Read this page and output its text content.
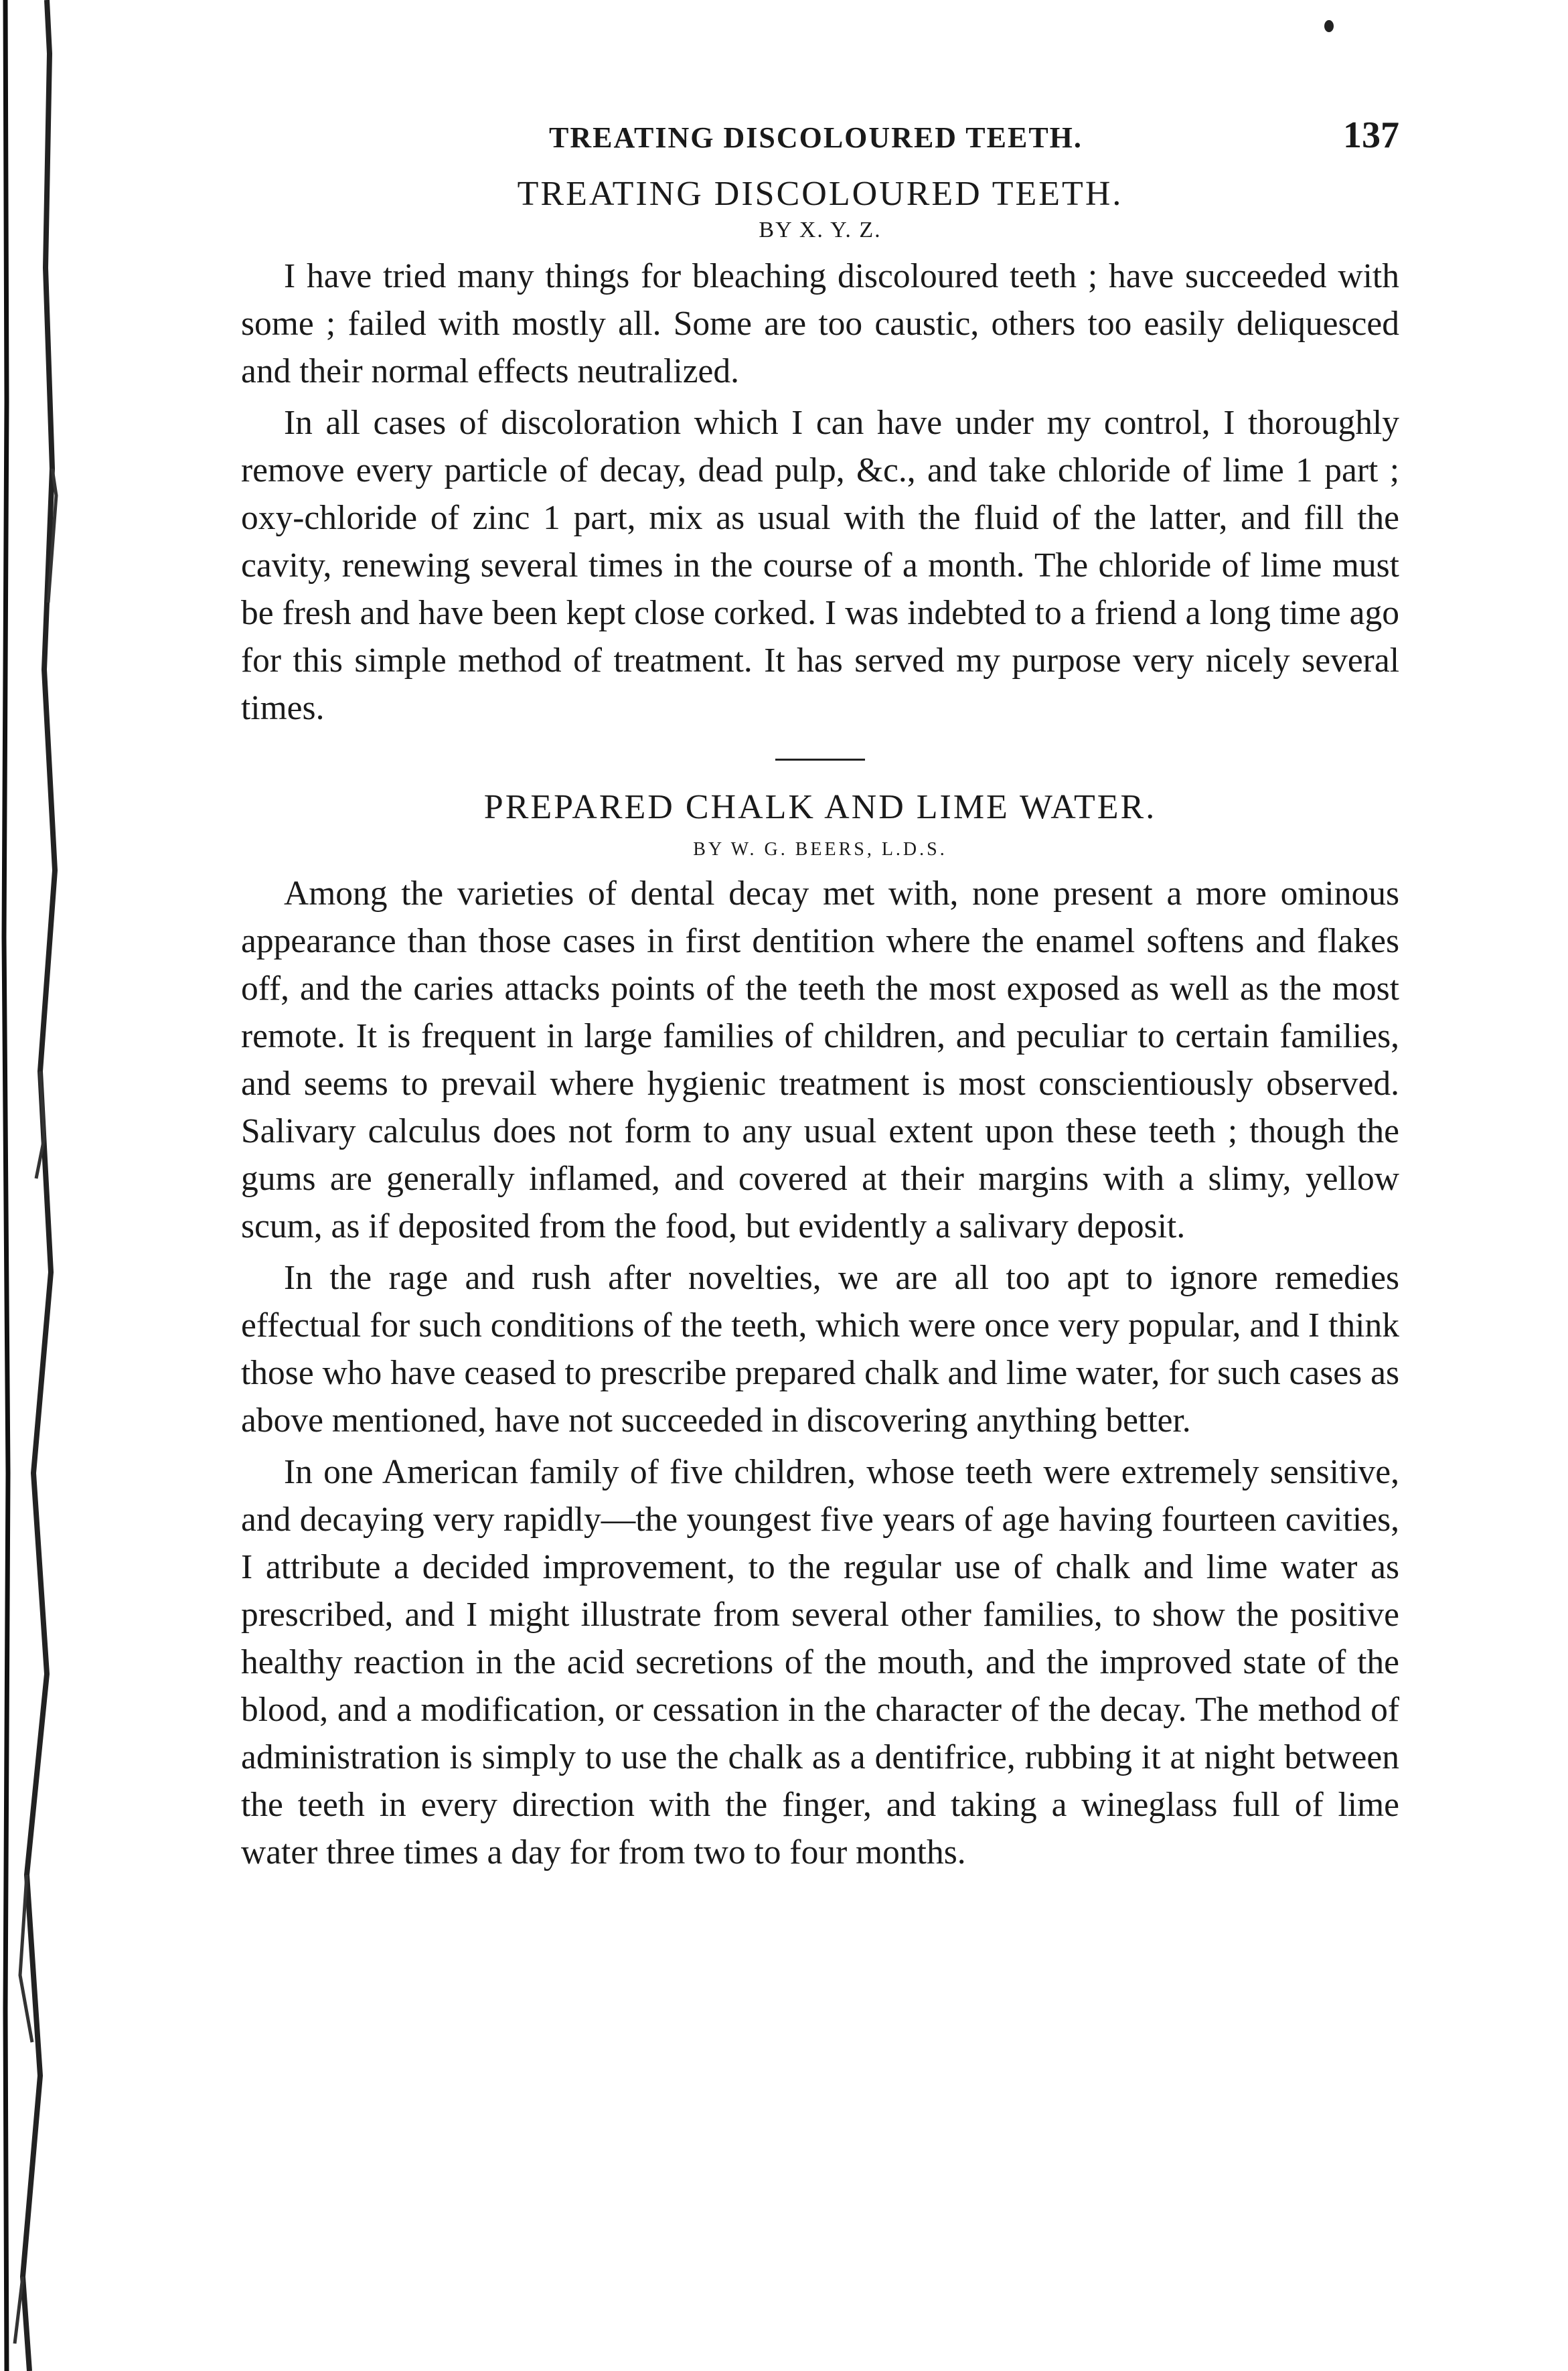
TREATING DISCOLOURED TEETH.	137
TREATING DISCOLOURED TEETH.
BY X. Y. Z.

I have tried many things for bleaching discoloured teeth ; have succeeded with some ; failed with mostly all. Some are too caustic, others too easily deliquesced and their normal effects neutralized.

In all cases of discoloration which I can have under my control, I thoroughly remove every particle of decay, dead pulp, &c., and take chloride of lime 1 part ; oxy-chloride of zinc 1 part, mix as usual with the fluid of the latter, and fill the cavity, renewing several times in the course of a month. The chloride of lime must be fresh and have been kept close corked. I was indebted to a friend a long time ago for this simple method of treatment. It has served my purpose very nicely several times.

PREPARED CHALK AND LIME WATER.
BY W. G. BEERS, L.D.S.

Among the varieties of dental decay met with, none present a more ominous appearance than those cases in first dentition where the enamel softens and flakes off, and the caries attacks points of the teeth the most exposed as well as the most remote. It is frequent in large families of children, and peculiar to certain families, and seems to prevail where hygienic treatment is most conscientiously observed. Salivary calculus does not form to any usual extent upon these teeth ; though the gums are generally inflamed, and covered at their margins with a slimy, yellow scum, as if deposited from the food, but evidently a salivary deposit.

In the rage and rush after novelties, we are all too apt to ignore remedies effectual for such conditions of the teeth, which were once very popular, and I think those who have ceased to prescribe prepared chalk and lime water, for such cases as above mentioned, have not succeeded in discovering anything better.

In one American family of five children, whose teeth were extremely sensitive, and decaying very rapidly—the youngest five years of age having fourteen cavities, I attribute a decided improvement, to the regular use of chalk and lime water as prescribed, and I might illustrate from several other families, to show the positive healthy reaction in the acid secretions of the mouth, and the improved state of the blood, and a modification, or cessation in the character of the decay. The method of administration is simply to use the chalk as a dentifrice, rubbing it at night between the teeth in every direction with the finger, and taking a wineglass full of lime water three times a day for from two to four months.
